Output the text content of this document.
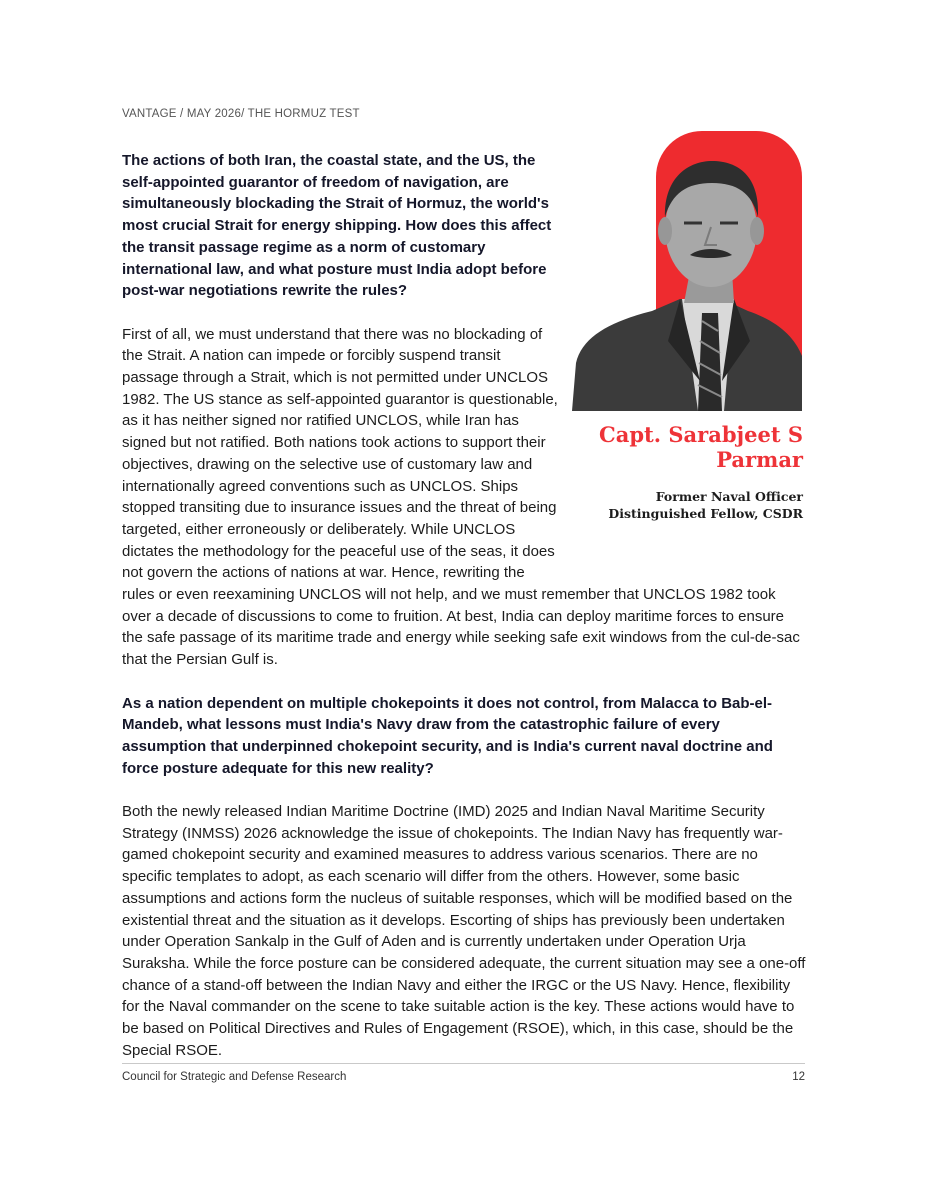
VANTAGE / MAY 2026/ THE HORMUZ TEST
Capt. Sarabjeet S Parmar
Former Naval Officer
Distinguished Fellow, CSDR

The actions of both Iran, the coastal state, and the US, the self-appointed guarantor of freedom of navigation, are simultaneously blockading the Strait of Hormuz, the world's most crucial Strait for energy shipping. How does this affect the transit passage regime as a norm of customary international law, and what posture must India adopt before post-war negotiations rewrite the rules?

First of all, we must understand that there was no blockading of the Strait. A nation can impede or forcibly suspend transit passage through a Strait, which is not permitted under UNCLOS 1982. The US stance as self-appointed guarantor is questionable, as it has neither signed nor ratified UNCLOS, while Iran has signed but not ratified. Both nations took actions to support their objectives, drawing on the selective use of customary law and internationally agreed conventions such as UNCLOS. Ships stopped transiting due to insurance issues and the threat of being targeted, either erroneously or deliberately. While UNCLOS dictates the methodology for the peaceful use of the seas, it does not govern the actions of nations at war. Hence, rewriting the rules or even reexamining UNCLOS will not help, and we must remember that UNCLOS 1982 took over a decade of discussions to come to fruition. At best, India can deploy maritime forces to ensure the safe passage of its maritime trade and energy while seeking safe exit windows from the cul-de-sac that the Persian Gulf is.

As a nation dependent on multiple chokepoints it does not control, from Malacca to Bab-el-Mandeb, what lessons must India's Navy draw from the catastrophic failure of every assumption that underpinned chokepoint security, and is India's current naval doctrine and force posture adequate for this new reality?

Both the newly released Indian Maritime Doctrine (IMD) 2025 and Indian Naval Maritime Security Strategy (INMSS) 2026 acknowledge the issue of chokepoints. The Indian Navy has frequently war-gamed chokepoint security and examined measures to address various scenarios. There are no specific templates to adopt, as each scenario will differ from the others. However, some basic assumptions and actions form the nucleus of suitable responses, which will be modified based on the existential threat and the situation as it develops. Escorting of ships has previously been undertaken under Operation Sankalp in the Gulf of Aden and is currently undertaken under Operation Urja Suraksha. While the force posture can be considered adequate, the current situation may see a one-off chance of a stand-off between the Indian Navy and either the IRGC or the US Navy. Hence, flexibility for the Naval commander on the scene to take suitable action is the key. These actions would have to be based on Political Directives and Rules of Engagement (RSOE), which, in this case, should be the Special RSOE.

Council for Strategic and Defense Research	12
